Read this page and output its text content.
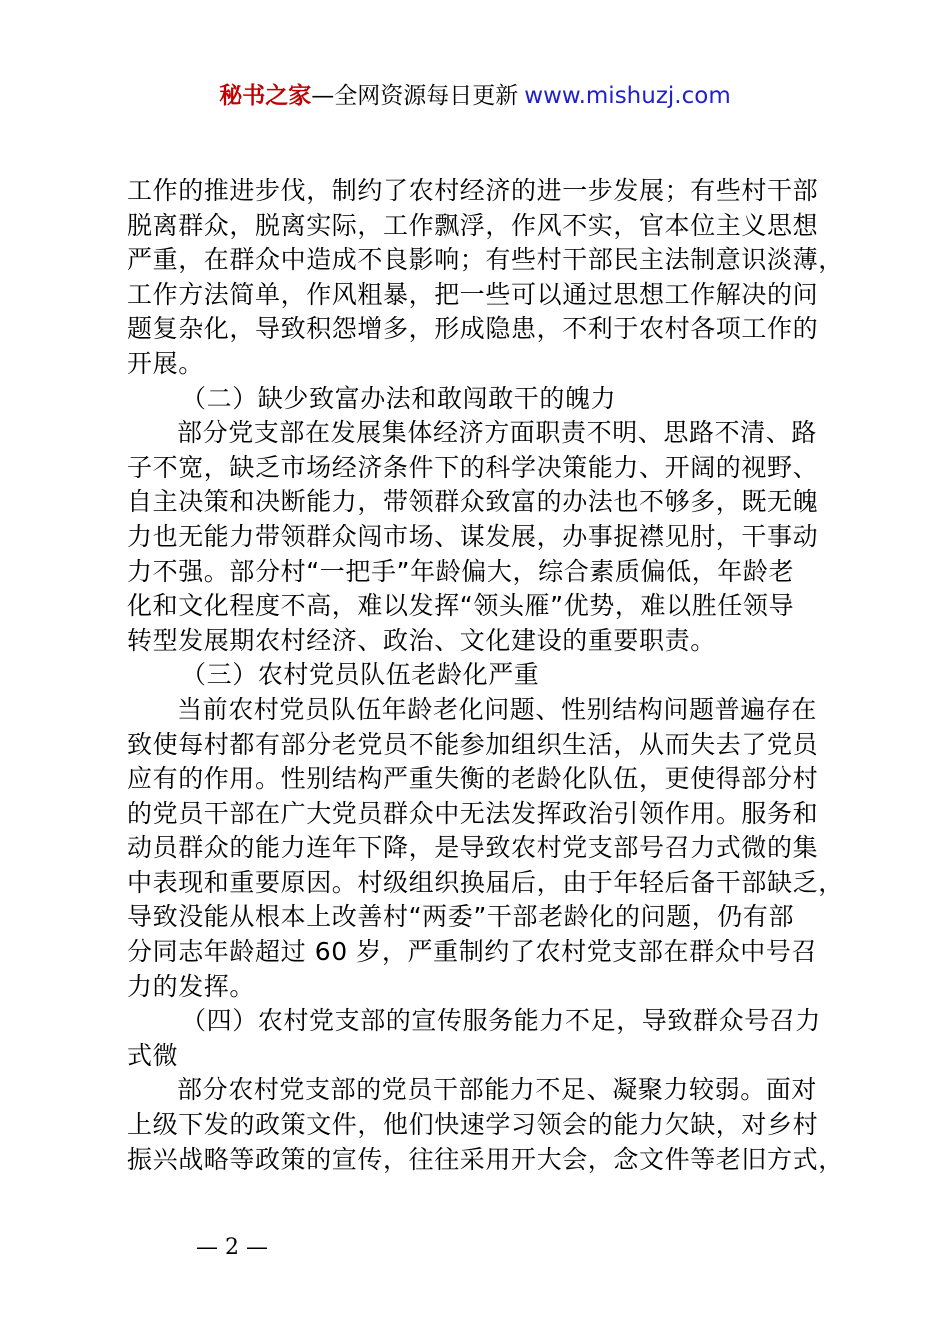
秘书之家—全网资源每日更新 www.mishuzj.com
工作的推进步伐，制约了农村经济的进一步发展；有些村干部
脱离群众，脱离实际，工作飘浮，作风不实，官本位主义思想
严重，在群众中造成不良影响；有些村干部民主法制意识淡薄，
工作方法简单，作风粗暴，把一些可以通过思想工作解决的问
题复杂化，导致积怨增多，形成隐患，不利于农村各项工作的
开展。
（二）缺少致富办法和敢闯敢干的魄力
部分党支部在发展集体经济方面职责不明、思路不清、路
子不宽，缺乏市场经济条件下的科学决策能力、开阔的视野、
自主决策和决断能力，带领群众致富的办法也不够多，既无魄
力也无能力带领群众闯市场、谋发展，办事捉襟见肘，干事动
力不强。部分村“一把手”年龄偏大，综合素质偏低，年龄老
化和文化程度不高，难以发挥“领头雁”优势，难以胜任领导
转型发展期农村经济、政治、文化建设的重要职责。
（三）农村党员队伍老龄化严重
当前农村党员队伍年龄老化问题、性别结构问题普遍存在
致使每村都有部分老党员不能参加组织生活，从而失去了党员
应有的作用。性别结构严重失衡的老龄化队伍，更使得部分村
的党员干部在广大党员群众中无法发挥政治引领作用。服务和
动员群众的能力连年下降，是导致农村党支部号召力式微的集
中表现和重要原因。村级组织换届后，由于年轻后备干部缺乏，
导致没能从根本上改善村“两委”干部老龄化的问题，仍有部
分同志年龄超过 60 岁，严重制约了农村党支部在群众中号召
力的发挥。
（四）农村党支部的宣传服务能力不足，导致群众号召力
式微
部分农村党支部的党员干部能力不足、凝聚力较弱。面对
上级下发的政策文件，他们快速学习领会的能力欠缺，对乡村
振兴战略等政策的宣传，往往采用开大会，念文件等老旧方式，
— 2 —
